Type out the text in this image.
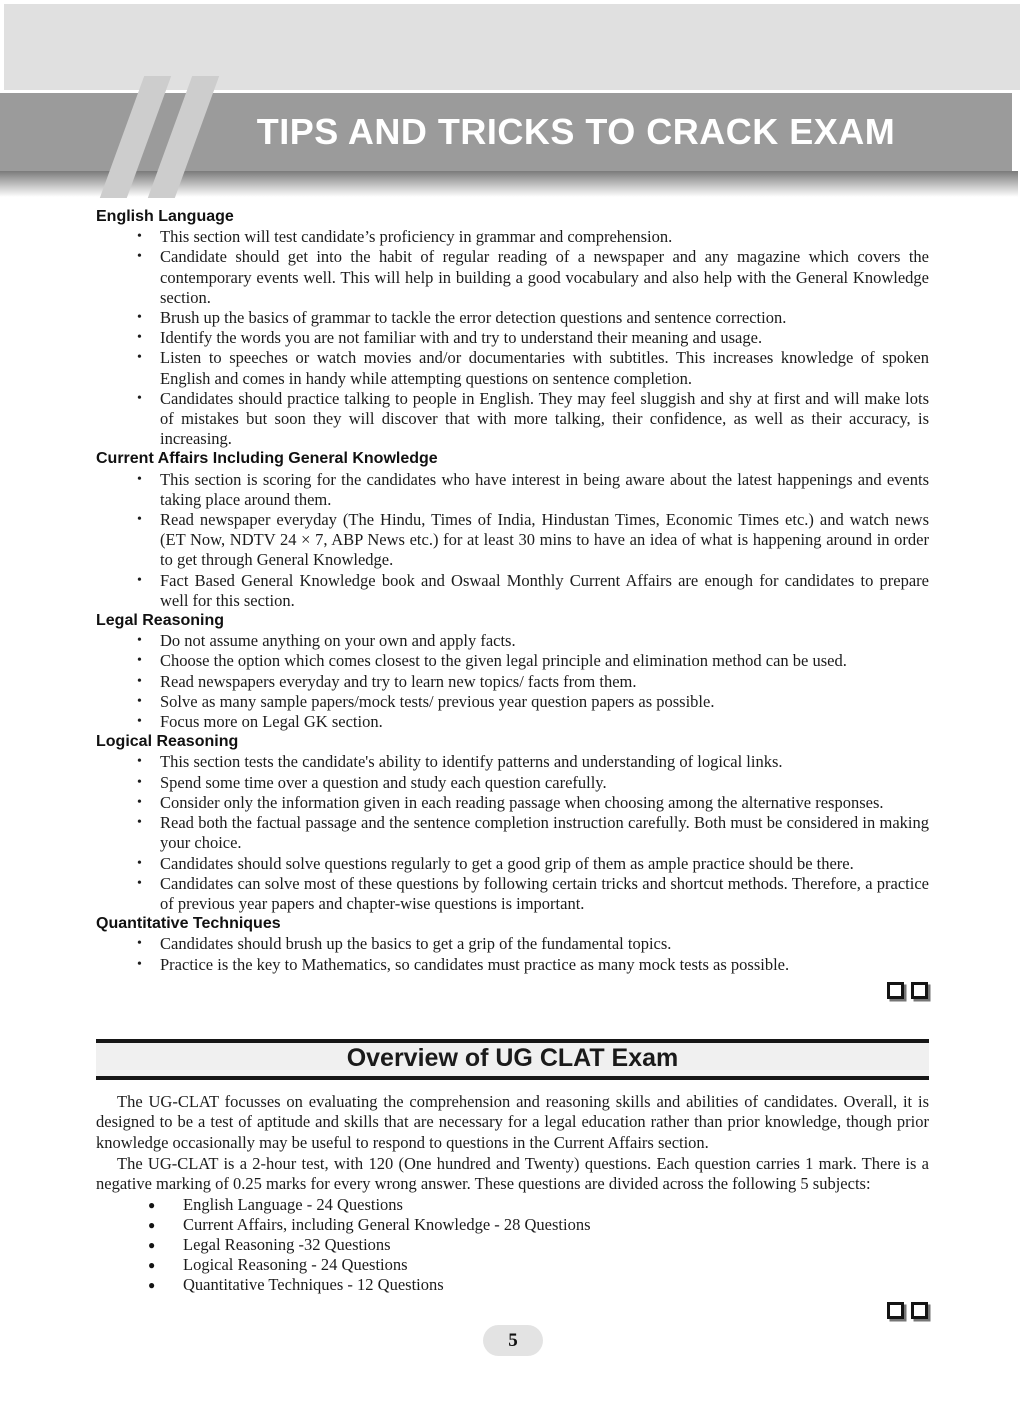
TIPS AND TRICKS TO CRACK EXAM
English Language
•	This section will test candidate’s proficiency in grammar and comprehension.
•	Candidate should get into the habit of regular reading of a newspaper and any magazine which covers the contemporary events well. This will help in building a good vocabulary and also help with the General Knowledge section.
•	Brush up the basics of grammar to tackle the error detection questions and sentence correction.
•	Identify the words you are not familiar with and try to understand their meaning and usage.
•	Listen to speeches or watch movies and/or documentaries with subtitles. This increases knowledge of spoken English and comes in handy while attempting questions on sentence completion.
•	Candidates should practice talking to people in English. They may feel sluggish and shy at first and will make lots of mistakes but soon they will discover that with more talking, their confidence, as well as their accuracy, is increasing.
Current Affairs Including General Knowledge
•	This section is scoring for the candidates who have interest in being aware about the latest happenings and events taking place around them.
•	Read newspaper everyday (The Hindu, Times of India, Hindustan Times, Economic Times etc.) and watch news (ET Now, NDTV 24 × 7, ABP News etc.) for at least 30 mins to have an idea of what is happening around in order to get through General Knowledge.
•	Fact Based General Knowledge book and Oswaal Monthly Current Affairs are enough for candidates to prepare well for this section.
Legal Reasoning
•	Do not assume anything on your own and apply facts.
•	Choose the option which comes closest to the given legal principle and elimination method can be used.
•	Read newspapers everyday and try to learn new topics/ facts from them.
•	Solve as many sample papers/mock tests/ previous year question papers as possible.
•	Focus more on Legal GK section.
Logical Reasoning
•	This section tests the candidate's ability to identify patterns and understanding of logical links.
•	Spend some time over a question and study each question carefully.
•	Consider only the information given in each reading passage when choosing among the alternative responses.
•	Read both the factual passage and the sentence completion instruction carefully. Both must be considered in making your choice.
•	Candidates should solve questions regularly to get a good grip of them as ample practice should be there.
•	Candidates can solve most of these questions by following certain tricks and shortcut methods. Therefore, a practice of previous year papers and chapter-wise questions is important.
Quantitative Techniques
•	Candidates should brush up the basics to get a grip of the fundamental topics.
•	Practice is the key to Mathematics, so candidates must practice as many mock tests as possible.
Overview of UG CLAT Exam

The UG-CLAT focusses on evaluating the comprehension and reasoning skills and abilities of candidates. Overall, it is designed to be a test of aptitude and skills that are necessary for a legal education rather than prior knowledge, though prior knowledge occasionally may be useful to respond to questions in the Current Affairs section.

The UG-CLAT is a 2-hour test, with 120 (One hundred and Twenty) questions. Each question carries 1 mark. There is a negative marking of 0.25 marks for every wrong answer. These questions are divided across the following 5 subjects:

●	English Language - 24 Questions
●	Current Affairs, including General Knowledge - 28 Questions
●	Legal Reasoning -32 Questions
●	Logical Reasoning - 24 Questions
●	Quantitative Techniques - 12 Questions
5
